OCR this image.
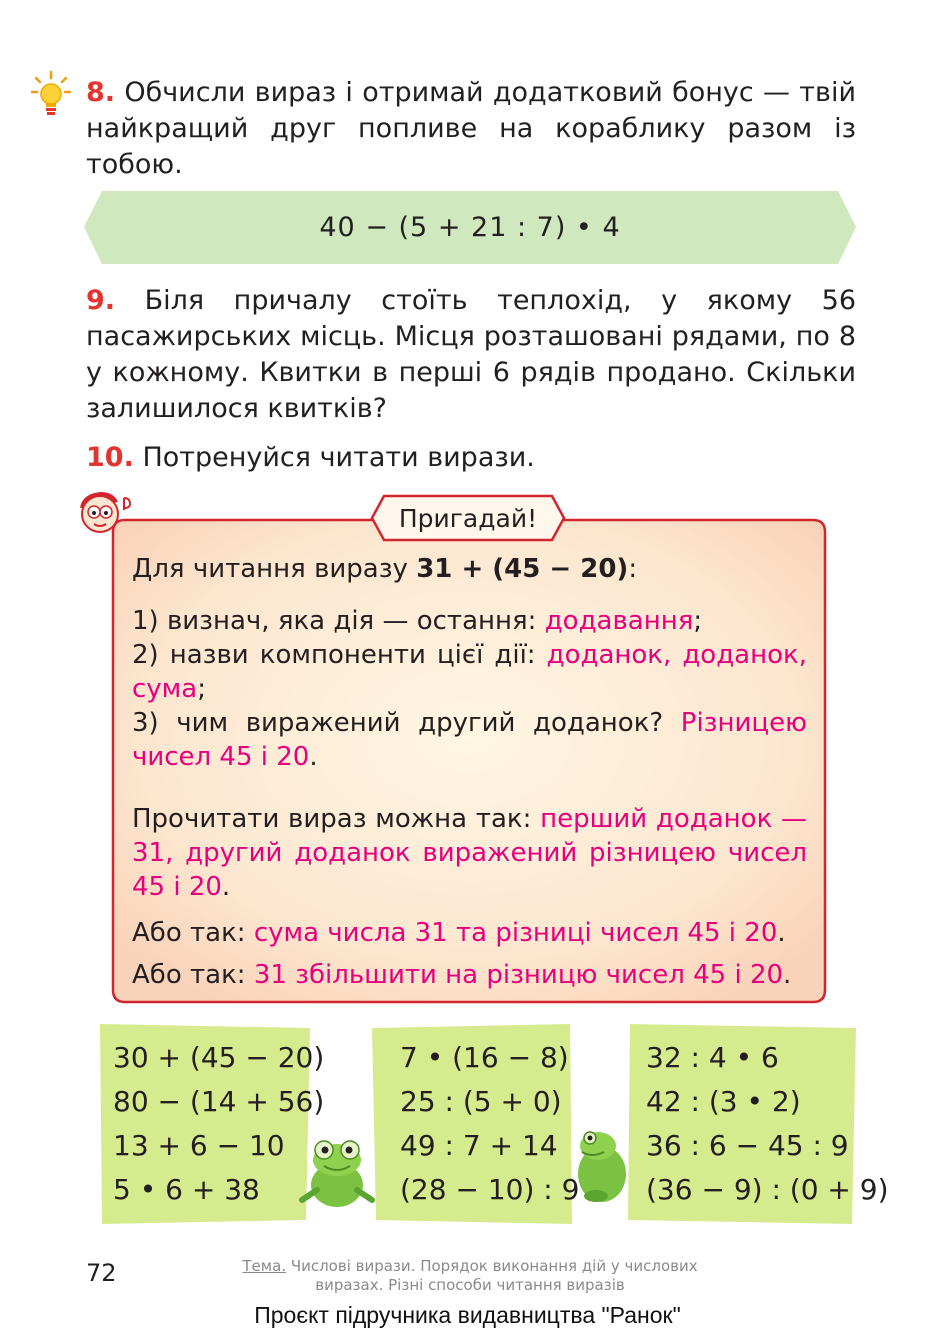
8. Обчисли вираз і отримай додатковий бонус — твій найкращий друг попливе на кораблику разом із тобою.
40 − (5 + 21 : 7) • 4
9. Біля причалу стоїть теплохід, у якому 56 пасажирських місць. Місця розташовані рядами, по 8 у кожному. Квитки в перші 6 рядів продано. Скільки залишилося квитків?
10. Потренуйся читати вирази.
Пригадай!
Для читання виразу 31 + (45 − 20):
1) визнач, яка дія — остання: додавання;
2) назви компоненти цієї дії: доданок, доданок, сума;
3) чим виражений другий доданок? Різницею чисел 45 і 20.
Прочитати вираз можна так: перший доданок — 31, другий доданок виражений різницею чисел 45 і 20.
Або так: сума числа 31 та різниці чисел 45 і 20.
Або так: 31 збільшити на різницю чисел 45 і 20.
30 + (45 − 20)
80 − (14 + 56)
13 + 6 − 10
5 • 6 + 38
7 • (16 − 8)
25 : (5 + 0)
49 : 7 + 14
(28 − 10) : 9
32 : 4 • 6
42 : (3 • 2)
36 : 6 − 45 : 9
(36 − 9) : (0 + 9)
72	Тема. Числові вирази. Порядок виконання дій у числових виразах. Різні способи читання виразів
Проєкт підручника видавництва "Ранок"
